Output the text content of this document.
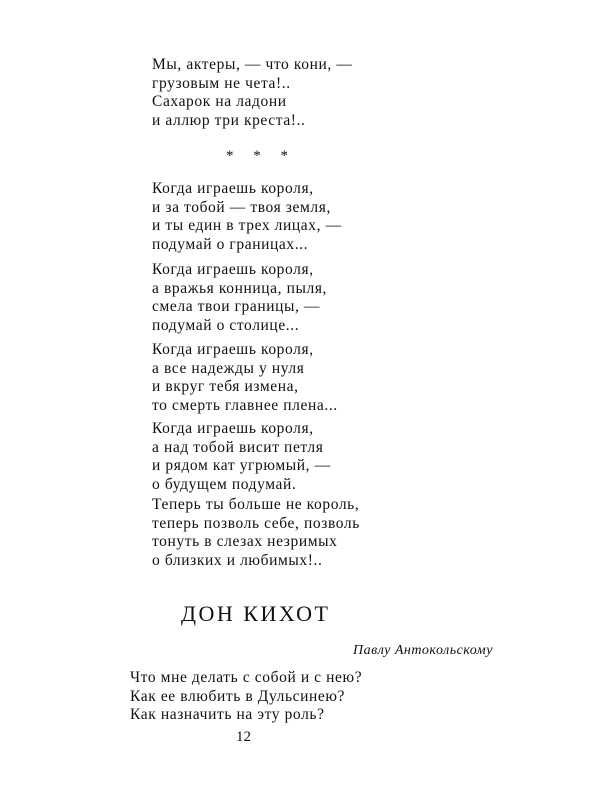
Мы, актеры, — что кони, —
грузовым не чета!..
Сахарок на ладони
и аллюр три креста!..
* * *
Когда играешь короля,
и за тобой — твоя земля,
и ты един в трех лицах, —
подумай о границах...
Когда играешь короля,
а вражья конница, пыля,
смела твои границы, —
подумай о столице...
Когда играешь короля,
а все надежды у нуля
и вкруг тебя измена,
то смерть главнее плена...
Когда играешь короля,
а над тобой висит петля
и рядом кат угрюмый, —
о будущем подумай.
Теперь ты больше не король,
теперь позволь себе, позволь
тонуть в слезах незримых
о близких и любимых!..
ДОН КИХОТ
Павлу Антокольскому
Что мне делать с собой и с нею?
Как ее влюбить в Дульсинею?
Как назначить на эту роль?
12
